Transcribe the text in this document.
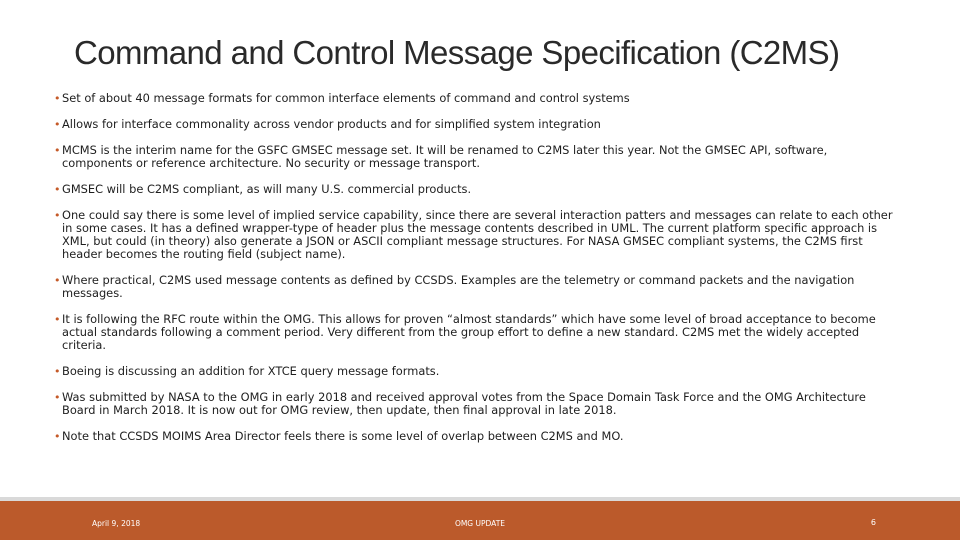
Command and Control Message Specification (C2MS)
• Set of about 40 message formats for common interface elements of command and control systems
• Allows for interface commonality across vendor products and for simplified system integration
• MCMS is the interim name for the GSFC GMSEC message set. It will be renamed to C2MS later this year. Not the GMSEC API, software, components or reference architecture. No security or message transport.
• GMSEC will be C2MS compliant, as will many U.S. commercial products.
• One could say there is some level of implied service capability, since there are several interaction patters and messages can relate to each other in some cases. It has a defined wrapper-type of header plus the message contents described in UML. The current platform specific approach is XML, but could (in theory) also generate a JSON or ASCII compliant message structures. For NASA GMSEC compliant systems, the C2MS first header becomes the routing field (subject name).
• Where practical, C2MS used message contents as defined by CCSDS. Examples are the telemetry or command packets and the navigation messages.
• It is following the RFC route within the OMG. This allows for proven “almost standards” which have some level of broad acceptance to become actual standards following a comment period. Very different from the group effort to define a new standard. C2MS met the widely accepted criteria.
• Boeing is discussing an addition for XTCE query message formats.
• Was submitted by NASA to the OMG in early 2018 and received approval votes from the Space Domain Task Force and the OMG Architecture Board in March 2018. It is now out for OMG review, then update, then final approval in late 2018.
• Note that CCSDS MOIMS Area Director feels there is some level of overlap between C2MS and MO.
April 9, 2018	OMG UPDATE	6
